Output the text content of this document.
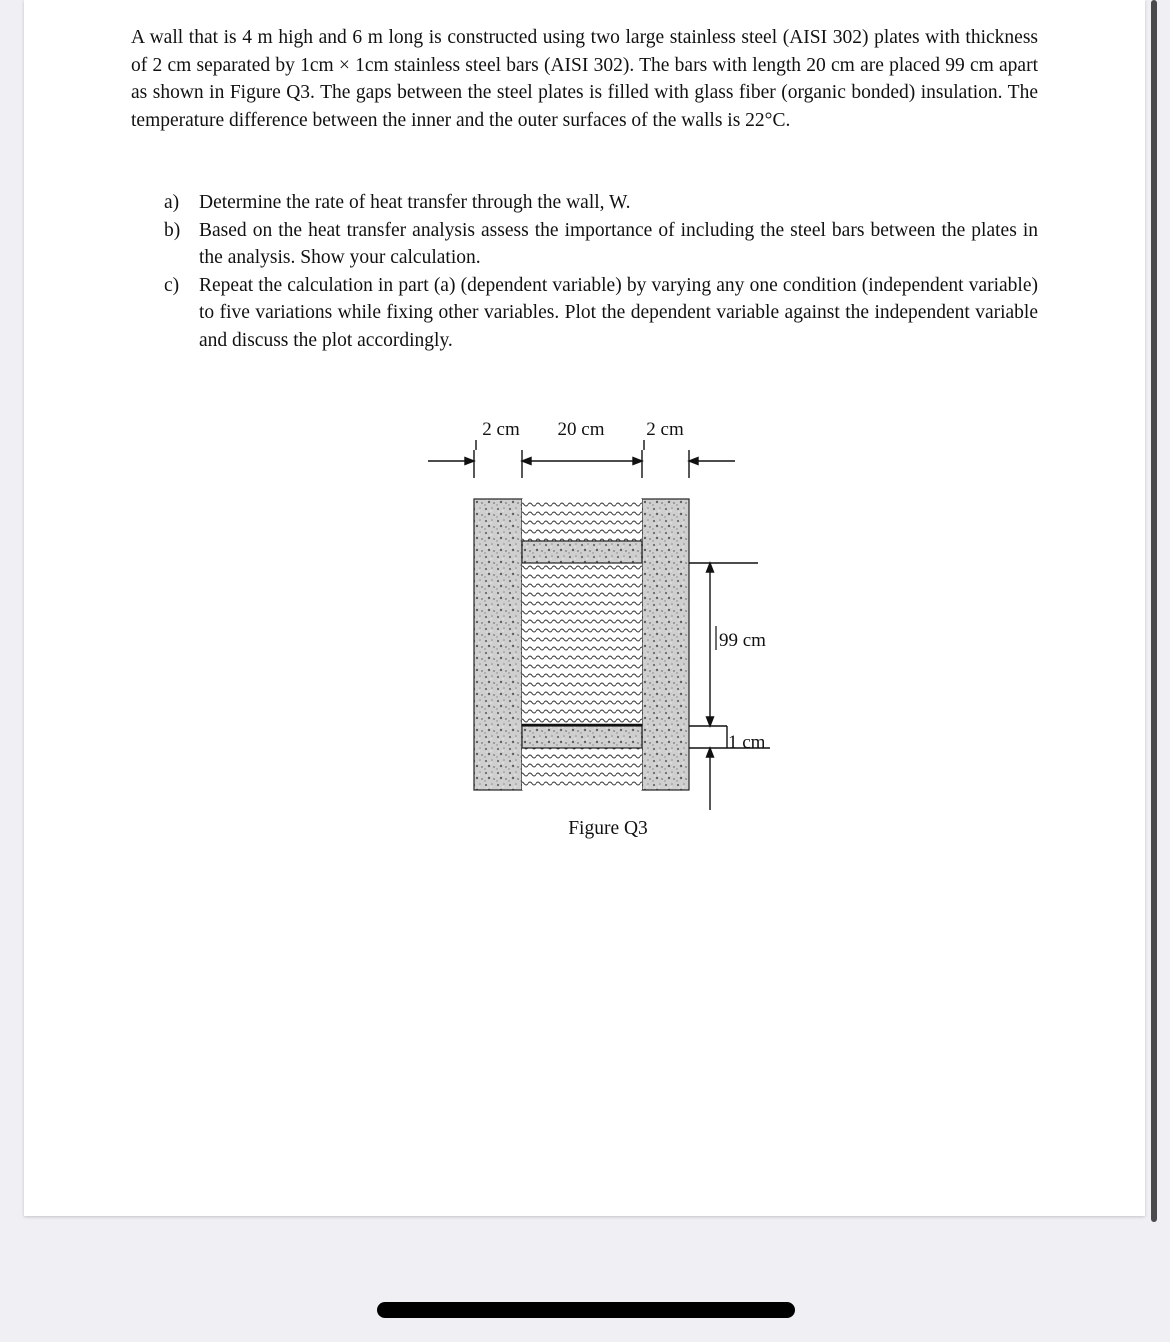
A wall that is 4 m high and 6 m long is constructed using two large stainless steel (AISI 302) plates with thickness of 2 cm separated by 1cm × 1cm stainless steel bars (AISI 302). The bars with length 20 cm are placed 99 cm apart as shown in Figure Q3. The gaps between the steel plates is filled with glass fiber (organic bonded) insulation. The temperature difference between the inner and the outer surfaces of the walls is 22°C.

a) Determine the rate of heat transfer through the wall, W.
b) Based on the heat transfer analysis assess the importance of including the steel bars between the plates in the analysis. Show your calculation.
c) Repeat the calculation in part (a) (dependent variable) by varying any one condition (independent variable) to five variations while fixing other variables. Plot the dependent variable against the independent variable and discuss the plot accordingly.
2 cm 20 cm 2 cm
99 cm
1 cm

Figure Q3
